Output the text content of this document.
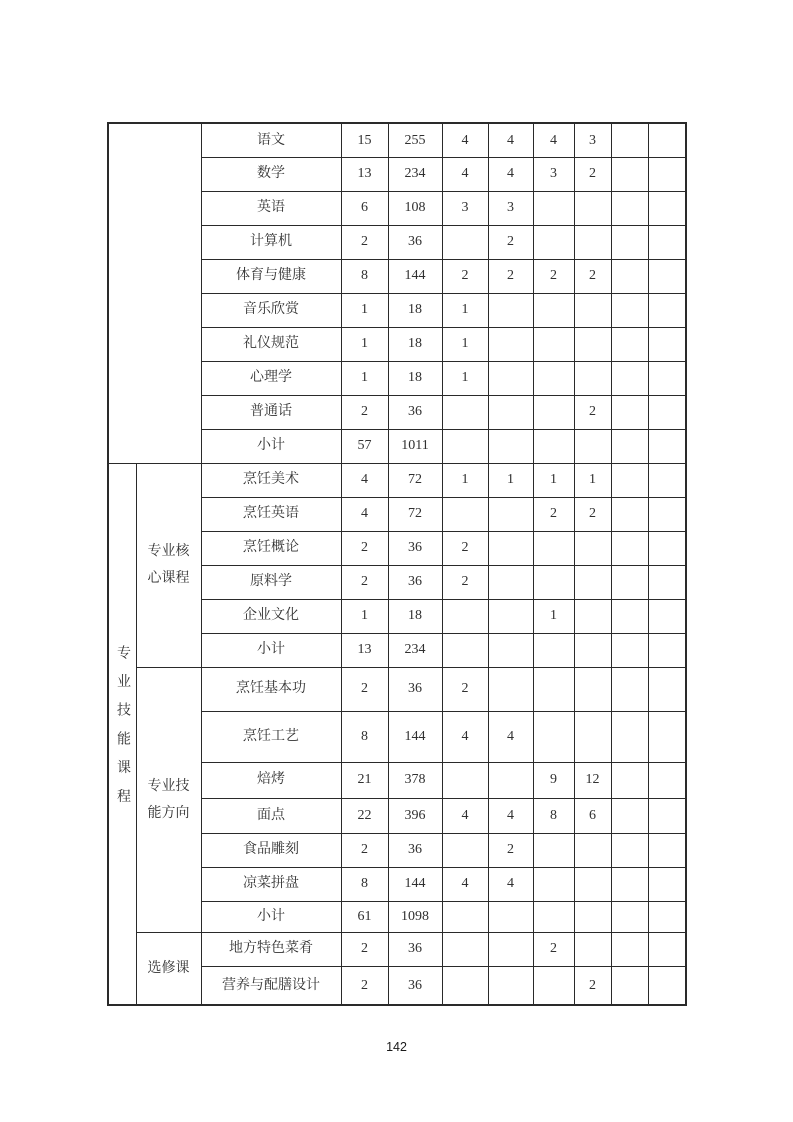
		语文	15	255	4	4	4	3		
		数学	13	234	4	4	3	2		
		英语	6	108	3	3				
		计算机	2	36		2				
		体育与健康	8	144	2	2	2	2		
		音乐欣赏	1	18	1					
		礼仪规范	1	18	1					
		心理学	1	18	1					
		普通话	2	36				2		
		小计	57	1011						
专业技能课程	专业核心课程	烹饪美术	4	72	1	1	1	1		
		烹饪英语	4	72			2	2		
		烹饪概论	2	36	2					
		原料学	2	36	2					
		企业文化	1	18			1			
		小计	13	234						
	专业技能方向	烹饪基本功	2	36	2					
		烹饪工艺	8	144	4	4				
		焙烤	21	378			9	12		
		面点	22	396	4	4	8	6		
		食品雕刻	2	36		2				
		凉菜拼盘	8	144	4	4				
		小计	61	1098						
	选修课	地方特色菜肴	2	36			2			
		营养与配膳设计	2	36				2		
142
